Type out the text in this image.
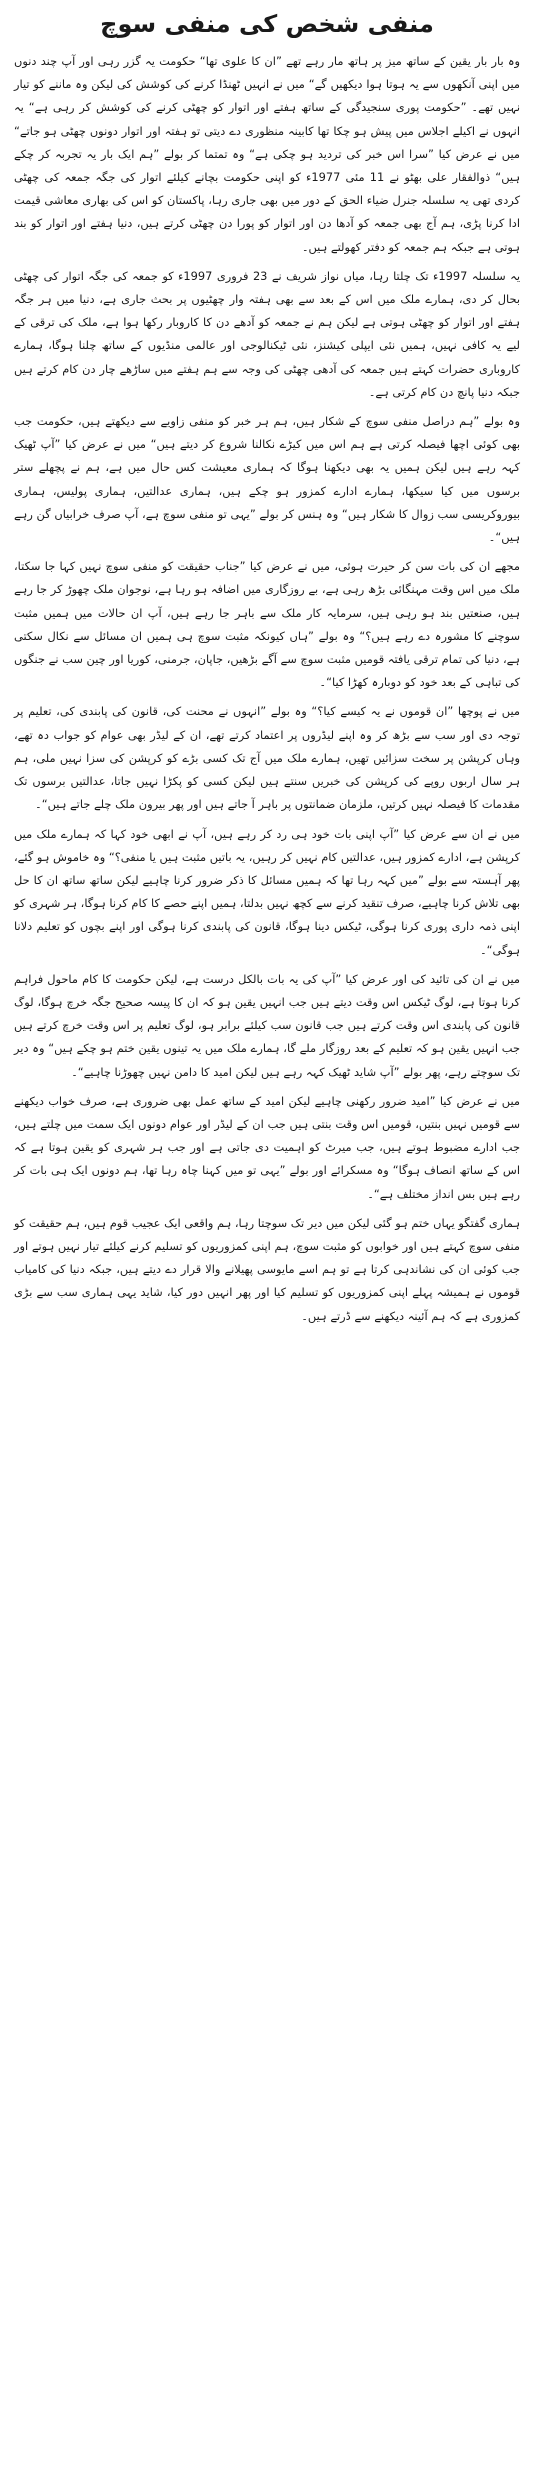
منفی شخص کی منفی سوچ

وہ بار بار یقین کے ساتھ میز پر ہاتھ مار رہے تھے ”ان کا علوی تھا“ حکومت یہ گزر رہی اور آپ چند دنوں میں اپنی آنکھوں سے یہ ہوتا ہوا دیکھیں گے“ میں نے انہیں ٹھنڈا کرنے کی کوشش کی لیکن وہ ماننے کو تیار نہیں تھے۔ ”حکومت پوری سنجیدگی کے ساتھ ہفتے اور اتوار کو چھٹی کرنے کی کوشش کر رہی ہے“ یہ انہوں نے اکیلے اجلاس میں پیش ہو چکا تھا کابینہ منظوری دے دیتی تو ہفتہ اور اتوار دونوں چھٹی ہو جاتے“ میں نے عرض کیا ”سرا اس خبر کی تردید ہو چکی ہے“ وہ تمتما کر بولے ”ہم ایک بار یہ تجربہ کر چکے ہیں“ ذوالفقار علی بھٹو نے 11 مئی 1977ء کو اپنی حکومت بچانے کیلئے اتوار کی جگہ جمعہ کی چھٹی کردی تھی یہ سلسلہ جنرل ضیاء الحق کے دور میں بھی جاری رہا، پاکستان کو اس کی بھاری معاشی قیمت ادا کرنا پڑی، ہم آج بھی جمعہ کو آدھا دن اور اتوار کو پورا دن چھٹی کرتے ہیں، دنیا ہفتے اور اتوار کو بند ہوتی ہے جبکہ ہم جمعہ کو دفتر کھولتے ہیں۔

یہ سلسلہ 1997ء تک چلتا رہا، میاں نواز شریف نے 23 فروری 1997ء کو جمعہ کی جگہ اتوار کی چھٹی بحال کر دی، ہمارے ملک میں اس کے بعد سے بھی ہفتہ وار چھٹیوں پر بحث جاری ہے، دنیا میں ہر جگہ ہفتے اور اتوار کو چھٹی ہوتی ہے لیکن ہم نے جمعہ کو آدھے دن کا کاروبار رکھا ہوا ہے، ملک کی ترقی کے لیے یہ کافی نہیں، ہمیں نئی ایپلی کیشنز، نئی ٹیکنالوجی اور عالمی منڈیوں کے ساتھ چلنا ہوگا، ہمارے کاروباری حضرات کہتے ہیں جمعہ کی آدھی چھٹی کی وجہ سے ہم ہفتے میں ساڑھے چار دن کام کرتے ہیں جبکہ دنیا پانچ دن کام کرتی ہے۔

وہ بولے ”ہم دراصل منفی سوچ کے شکار ہیں، ہم ہر خبر کو منفی زاویے سے دیکھتے ہیں، حکومت جب بھی کوئی اچھا فیصلہ کرتی ہے ہم اس میں کیڑے نکالنا شروع کر دیتے ہیں“ میں نے عرض کیا ”آپ ٹھیک کہہ رہے ہیں لیکن ہمیں یہ بھی دیکھنا ہوگا کہ ہماری معیشت کس حال میں ہے، ہم نے پچھلے ستر برسوں میں کیا سیکھا، ہمارے ادارے کمزور ہو چکے ہیں، ہماری عدالتیں، ہماری پولیس، ہماری بیوروکریسی سب زوال کا شکار ہیں“ وہ ہنس کر بولے ”یہی تو منفی سوچ ہے، آپ صرف خرابیاں گن رہے ہیں“۔

مجھے ان کی بات سن کر حیرت ہوئی، میں نے عرض کیا ”جناب حقیقت کو منفی سوچ نہیں کہا جا سکتا، ملک میں اس وقت مہنگائی بڑھ رہی ہے، بے روزگاری میں اضافہ ہو رہا ہے، نوجوان ملک چھوڑ کر جا رہے ہیں، صنعتیں بند ہو رہی ہیں، سرمایہ کار ملک سے باہر جا رہے ہیں، آپ ان حالات میں ہمیں مثبت سوچنے کا مشورہ دے رہے ہیں؟“ وہ بولے ”ہاں کیونکہ مثبت سوچ ہی ہمیں ان مسائل سے نکال سکتی ہے، دنیا کی تمام ترقی یافتہ قومیں مثبت سوچ سے آگے بڑھیں، جاپان، جرمنی، کوریا اور چین سب نے جنگوں کی تباہی کے بعد خود کو دوبارہ کھڑا کیا“۔

میں نے پوچھا ”ان قوموں نے یہ کیسے کیا؟“ وہ بولے ”انہوں نے محنت کی، قانون کی پابندی کی، تعلیم پر توجہ دی اور سب سے بڑھ کر وہ اپنے لیڈروں پر اعتماد کرتے تھے، ان کے لیڈر بھی عوام کو جواب دہ تھے، وہاں کرپشن پر سخت سزائیں تھیں، ہمارے ملک میں آج تک کسی بڑے کو کرپشن کی سزا نہیں ملی، ہم ہر سال اربوں روپے کی کرپشن کی خبریں سنتے ہیں لیکن کسی کو پکڑا نہیں جاتا، عدالتیں برسوں تک مقدمات کا فیصلہ نہیں کرتیں، ملزمان ضمانتوں پر باہر آ جاتے ہیں اور پھر بیرون ملک چلے جاتے ہیں“۔

میں نے ان سے عرض کیا ”آپ اپنی بات خود ہی رد کر رہے ہیں، آپ نے ابھی خود کہا کہ ہمارے ملک میں کرپشن ہے، ادارے کمزور ہیں، عدالتیں کام نہیں کر رہیں، یہ باتیں مثبت ہیں یا منفی؟“ وہ خاموش ہو گئے، پھر آہستہ سے بولے ”میں کہہ رہا تھا کہ ہمیں مسائل کا ذکر ضرور کرنا چاہیے لیکن ساتھ ساتھ ان کا حل بھی تلاش کرنا چاہیے، صرف تنقید کرنے سے کچھ نہیں بدلتا، ہمیں اپنے حصے کا کام کرنا ہوگا، ہر شہری کو اپنی ذمہ داری پوری کرنا ہوگی، ٹیکس دینا ہوگا، قانون کی پابندی کرنا ہوگی اور اپنے بچوں کو تعلیم دلانا ہوگی“۔

میں نے ان کی تائید کی اور عرض کیا ”آپ کی یہ بات بالکل درست ہے، لیکن حکومت کا کام ماحول فراہم کرنا ہوتا ہے، لوگ ٹیکس اس وقت دیتے ہیں جب انہیں یقین ہو کہ ان کا پیسہ صحیح جگہ خرچ ہوگا، لوگ قانون کی پابندی اس وقت کرتے ہیں جب قانون سب کیلئے برابر ہو، لوگ تعلیم پر اس وقت خرچ کرتے ہیں جب انہیں یقین ہو کہ تعلیم کے بعد روزگار ملے گا، ہمارے ملک میں یہ تینوں یقین ختم ہو چکے ہیں“ وہ دیر تک سوچتے رہے، پھر بولے ”آپ شاید ٹھیک کہہ رہے ہیں لیکن امید کا دامن نہیں چھوڑنا چاہیے“۔

میں نے عرض کیا ”امید ضرور رکھنی چاہیے لیکن امید کے ساتھ عمل بھی ضروری ہے، صرف خواب دیکھنے سے قومیں نہیں بنتیں، قومیں اس وقت بنتی ہیں جب ان کے لیڈر اور عوام دونوں ایک سمت میں چلتے ہیں، جب ادارے مضبوط ہوتے ہیں، جب میرٹ کو اہمیت دی جاتی ہے اور جب ہر شہری کو یقین ہوتا ہے کہ اس کے ساتھ انصاف ہوگا“ وہ مسکرائے اور بولے ”یہی تو میں کہنا چاہ رہا تھا، ہم دونوں ایک ہی بات کر رہے ہیں بس انداز مختلف ہے“۔

ہماری گفتگو یہاں ختم ہو گئی لیکن میں دیر تک سوچتا رہا، ہم واقعی ایک عجیب قوم ہیں، ہم حقیقت کو منفی سوچ کہتے ہیں اور خوابوں کو مثبت سوچ، ہم اپنی کمزوریوں کو تسلیم کرنے کیلئے تیار نہیں ہوتے اور جب کوئی ان کی نشاندہی کرتا ہے تو ہم اسے مایوسی پھیلانے والا قرار دے دیتے ہیں، جبکہ دنیا کی کامیاب قوموں نے ہمیشہ پہلے اپنی کمزوریوں کو تسلیم کیا اور پھر انہیں دور کیا، شاید یہی ہماری سب سے بڑی کمزوری ہے کہ ہم آئینہ دیکھنے سے ڈرتے ہیں۔
